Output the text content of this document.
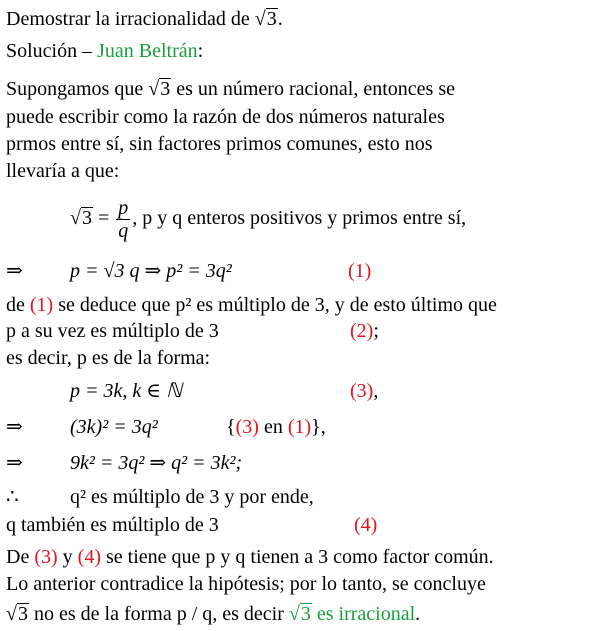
Demostrar la irracionalidad de √3.
Solución – Juan Beltrán:
Supongamos que √3 es un número racional, entonces se
puede escribir como la razón de dos números naturales
prmos entre sí, sin factores primos comunes, esto nos
llevaría a que:
$√3 = \frac{p}{q}$ , p y q enteros positivos y primos entre sí,
⇒ p = √3 q ⇒ p² = 3q²	(1)
de (1) se deduce que p² es múltiplo de 3, y de esto último que
p a su vez es múltiplo de 3	(2);
es decir, p es de la forma:
p = 3k, k ∈ ℕ	(3),
⇒ (3k)² = 3q²	{(3) en (1)},
⇒ 9k² = 3q² ⇒ q² = 3k²;
∴	q² es múltiplo de 3 y por ende,
q también es múltiplo de 3	(4)
De (3) y (4) se tiene que p y q tienen a 3 como factor común.
Lo anterior contradice la hipótesis; por lo tanto, se concluye
√3 no es de la forma p / q, es decir √3 es irracional.
